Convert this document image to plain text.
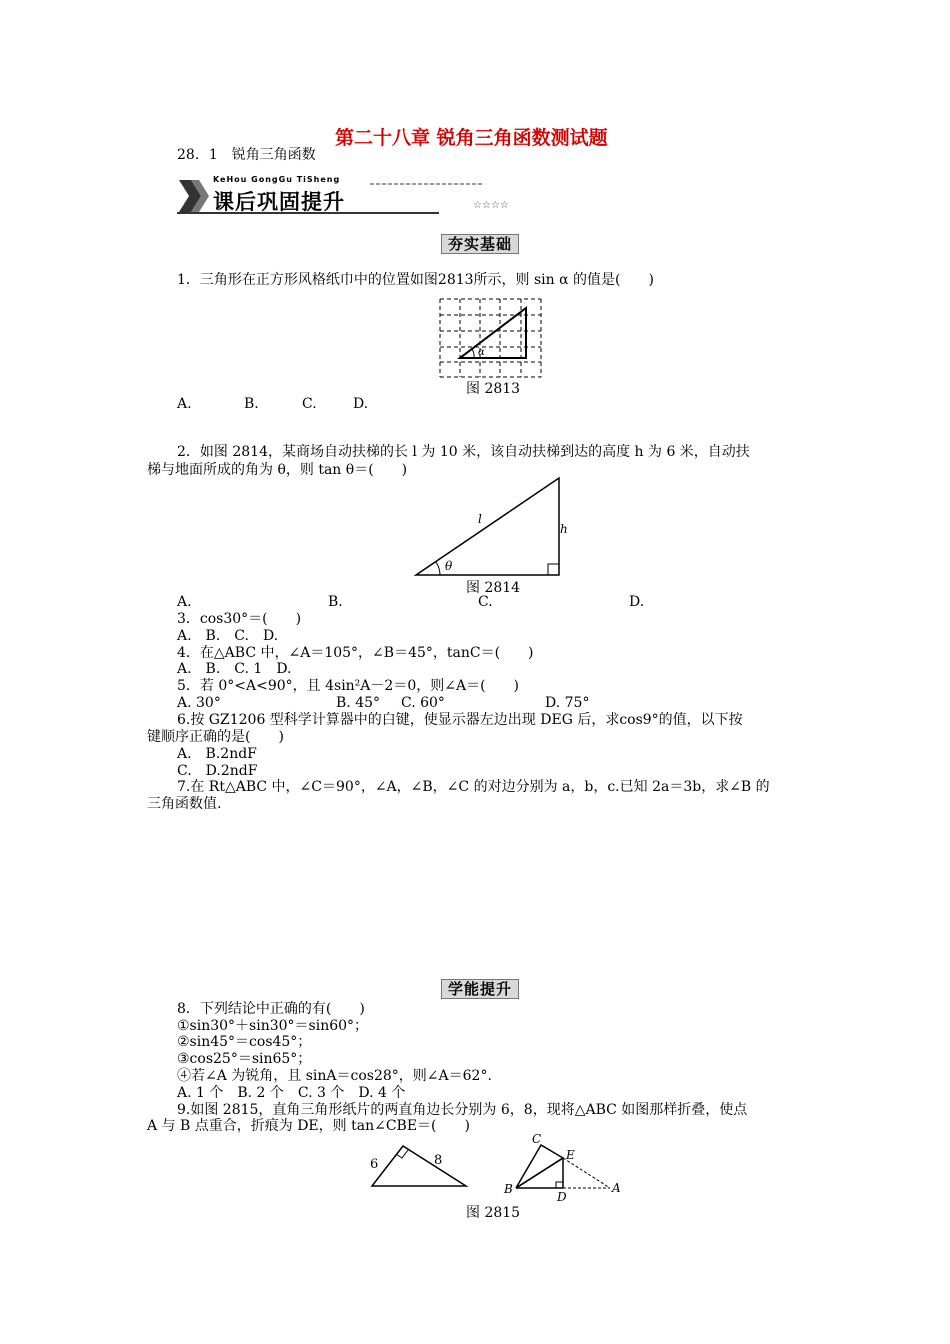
第二十八章 锐角三角函数测试题
28．1　锐角三角函数
KeHou GongGu TiSheng
课后巩固提升	☆☆☆☆
夯实基础
1．三角形在正方形风格纸巾中的位置如图2813所示，则 sin α 的值是(　　)
α
图 2813
A.	B.	C.	D.
2．如图 2814，某商场自动扶梯的长 l 为 10 米，该自动扶梯到达的高度 h 为 6 米，自动扶
梯与地面所成的角为 θ，则 tan θ＝(　　)
l
h
θ
图 2814
A.	B.	C.	D.
3．cos30°＝(　　)
A.　B.　C.　D.
4．在△ABC 中，∠A＝105°，∠B＝45°，tanC＝(　　)
A.　B.　C. 1　D.
5．若 0°<A<90°，且 4sin²A－2＝0，则∠A＝(　　)
A. 30°	B. 45° C. 60°	D. 75°
6.按 GZ1206 型科学计算器中的白键，使显示器左边出现 DEG 后，求cos9°的值，以下按
键顺序正确的是(　　)
A.　B.2ndF
C.　D.2ndF
7.在 Rt△ABC 中，∠C＝90°，∠A，∠B，∠C 的对边分别为 a，b，c.已知 2a＝3b，求∠B 的
三角函数值.
学能提升
8．下列结论中正确的有(　　)
①sin30°＋sin30°＝sin60°；
②sin45°＝cos45°；
③cos25°＝sin65°；
④若∠A 为锐角，且 sinA＝cos28°，则∠A＝62°.
A. 1 个　B. 2 个　C. 3 个　D. 4 个
9.如图 2815，直角三角形纸片的两直角边长分别为 6，8，现将△ABC 如图那样折叠，使点
A 与 B 点重合，折痕为 DE，则 tan∠CBE＝(　　)
6	8
C
E
B
D
A
图 2815
